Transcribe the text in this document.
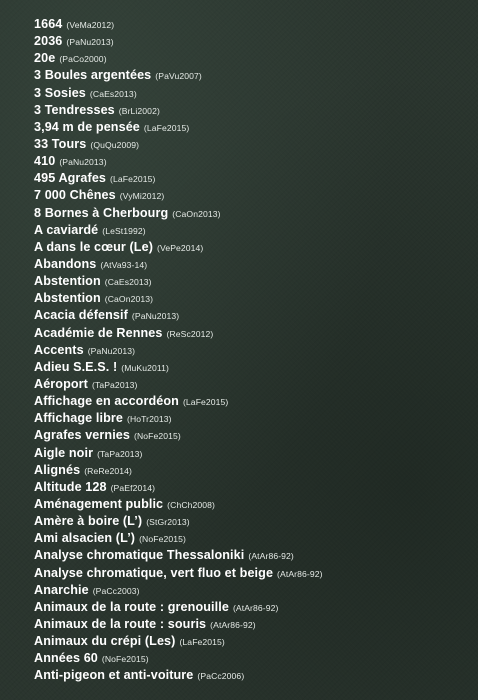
1664 (VeMa2012)
2036 (PaNu2013)
20e (PaCo2000)
3 Boules argentées (PaVu2007)
3 Sosies (CaEs2013)
3 Tendresses (BrLi2002)
3,94 m de pensée (LaFe2015)
33 Tours (QuQu2009)
410 (PaNu2013)
495 Agrafes (LaFe2015)
7 000 Chênes (VyMi2012)
8 Bornes à Cherbourg (CaOn2013)
A caviardé (LeSt1992)
A dans le cœur (Le) (VePe2014)
Abandons (AtVa93-14)
Abstention (CaEs2013)
Abstention (CaOn2013)
Acacia défensif (PaNu2013)
Académie de Rennes (ReSc2012)
Accents (PaNu2013)
Adieu S.E.S. ! (MuKu2011)
Aéroport (TaPa2013)
Affichage en accordéon (LaFe2015)
Affichage libre (HoTr2013)
Agrafes vernies (NoFe2015)
Aigle noir (TaPa2013)
Alignés (ReRe2014)
Altitude 128 (PaEf2014)
Aménagement public (ChCh2008)
Amère à boire (L’) (StGr2013)
Ami alsacien (L’) (NoFe2015)
Analyse chromatique Thessaloniki (AtAr86-92)
Analyse chromatique, vert fluo et beige (AtAr86-92)
Anarchie (PaCc2003)
Animaux de la route : grenouille (AtAr86-92)
Animaux de la route : souris (AtAr86-92)
Animaux du crépi (Les) (LaFe2015)
Années 60 (NoFe2015)
Anti-pigeon et anti-voiture (PaCc2006)
